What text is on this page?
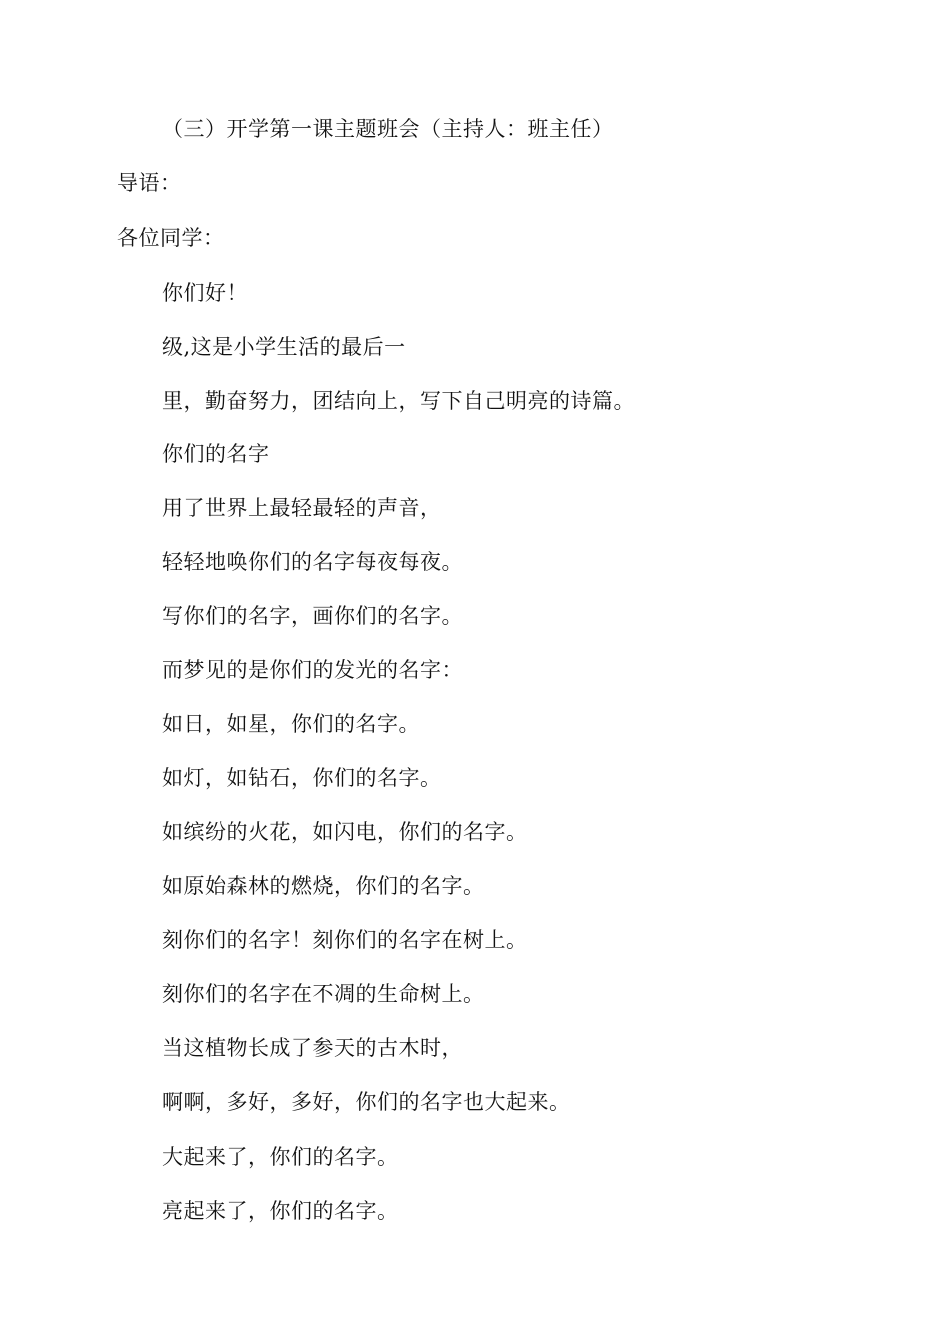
（三）开学第一课主题班会（主持人：班主任）
导语：
各位同学：
你们好！
级,这是小学生活的最后一
里，勤奋努力，团结向上，写下自己明亮的诗篇。
你们的名字
用了世界上最轻最轻的声音，
轻轻地唤你们的名字每夜每夜。
写你们的名字，画你们的名字。
而梦见的是你们的发光的名字：
如日，如星，你们的名字。
如灯，如钻石，你们的名字。
如缤纷的火花，如闪电，你们的名字。
如原始森林的燃烧，你们的名字。
刻你们的名字！刻你们的名字在树上。
刻你们的名字在不凋的生命树上。
当这植物长成了参天的古木时，
啊啊，多好，多好，你们的名字也大起来。
大起来了，你们的名字。
亮起来了，你们的名字。
